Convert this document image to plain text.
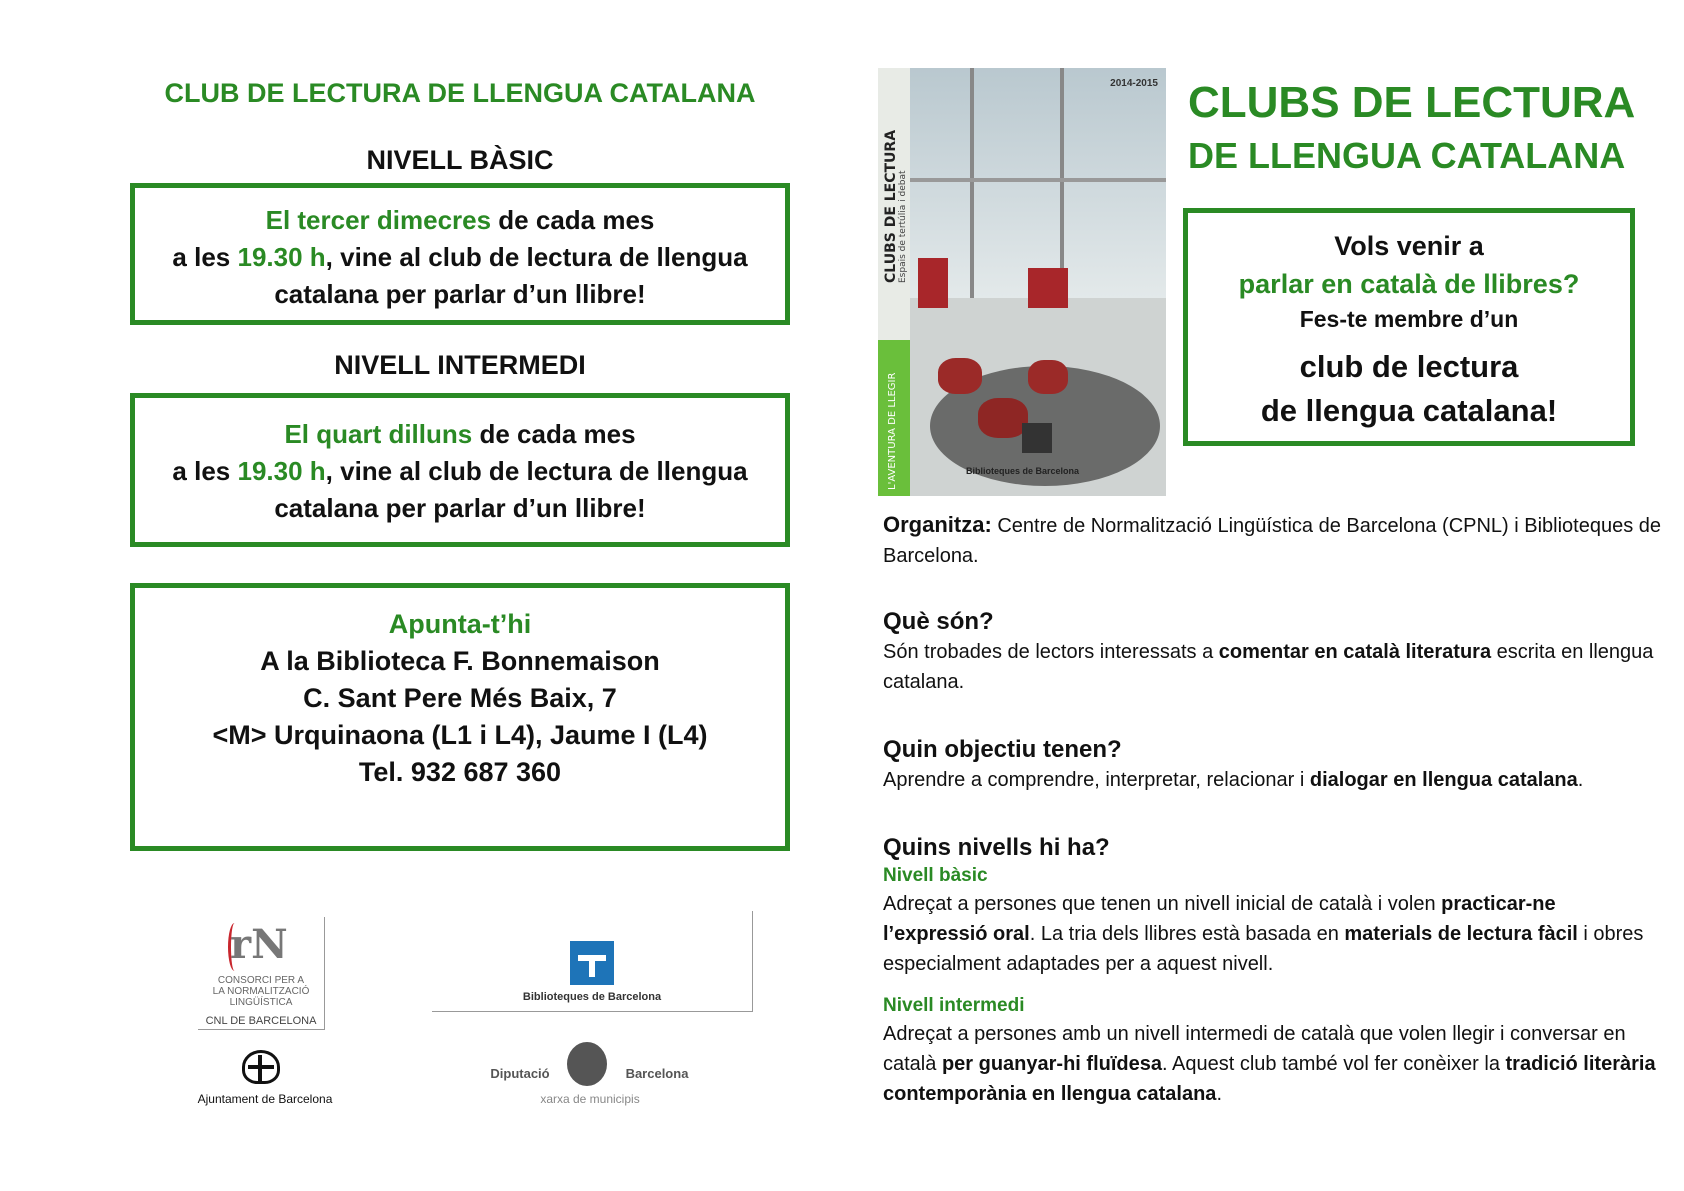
CLUB DE LECTURA DE LLENGUA CATALANA
NIVELL BÀSIC
El tercer dimecres de cada mes
a les 19.30 h, vine al club de lectura de llengua
catalana per parlar d’un llibre!
NIVELL INTERMEDI
El quart dilluns de cada mes
a les 19.30 h, vine al club de lectura de llengua
catalana per parlar d’un llibre!
Apunta-t’hi
A la Biblioteca F. Bonnemaison
C. Sant Pere Més Baix, 7
<M> Urquinaona (L1 i L4), Jaume I (L4)
Tel. 932 687 360
rN
CONSORCI PER A
LA NORMALITZACIÓ
LINGÜÍSTICA
CNL DE BARCELONA
Biblioteques de Barcelona
Ajuntament de Barcelona
Diputació	Barcelona
xarxa de municipis
CLUBS DE LECTURA Espais de tertúlia i debat
L'AVENTURA DE LLEGIR
2014-2015
Biblioteques de Barcelona
CLUBS DE LECTURA
DE LLENGUA CATALANA
Vols venir a
parlar en català de llibres?
Fes-te membre d’un
club de lectura
de llengua catalana!
Organitza: Centre de Normalització Lingüística de Barcelona (CPNL) i Biblioteques de Barcelona.
Què són?
Són trobades de lectors interessats a comentar en català literatura escrita en llengua catalana.
Quin objectiu tenen?
Aprendre a comprendre, interpretar, relacionar i dialogar en llengua catalana.
Quins nivells hi ha?
Nivell bàsic
Adreçat a persones que tenen un nivell inicial de català i volen practicar-ne l’expressió oral. La tria dels llibres està basada en materials de lectura fàcil i obres especialment adaptades per a aquest nivell.
Nivell intermedi
Adreçat a persones amb un nivell intermedi de català que volen llegir i conversar en català per guanyar-hi fluïdesa. Aquest club també vol fer conèixer la tradició literària contemporània en llengua catalana.
